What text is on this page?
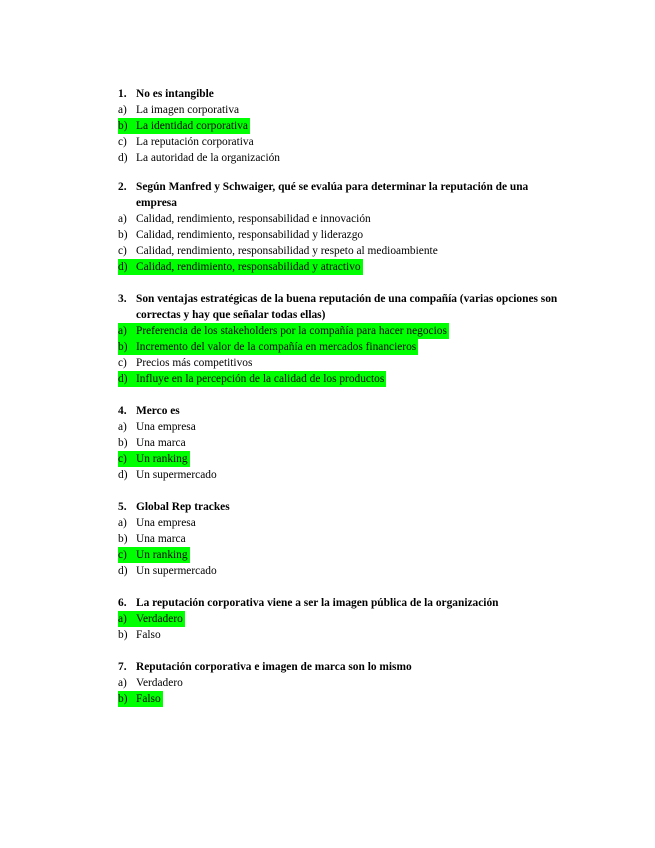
1. No es intangible
a) La imagen corporativa
b) La identidad corporativa
c) La reputación corporativa
d) La autoridad de la organización
2. Según Manfred y Schwaiger, qué se evalúa para determinar la reputación de una empresa
a) Calidad, rendimiento, responsabilidad e innovación
b) Calidad, rendimiento, responsabilidad y liderazgo
c) Calidad, rendimiento, responsabilidad y respeto al medioambiente
d) Calidad, rendimiento, responsabilidad y atractivo
3. Son ventajas estratégicas de la buena reputación de una compañía (varias opciones son correctas y hay que señalar todas ellas)
a) Preferencia de los stakeholders por la compañía para hacer negocios
b) Incremento del valor de la compañía en mercados financieros
c) Precios más competitivos
d) Influye en la percepción de la calidad de los productos
4. Merco es
a) Una empresa
b) Una marca
c) Un ranking
d) Un supermercado
5. Global Rep trackes
a) Una empresa
b) Una marca
c) Un ranking
d) Un supermercado
6. La reputación corporativa viene a ser la imagen pública de la organización
a) Verdadero
b) Falso
7. Reputación corporativa e imagen de marca son lo mismo
a) Verdadero
b) Falso
